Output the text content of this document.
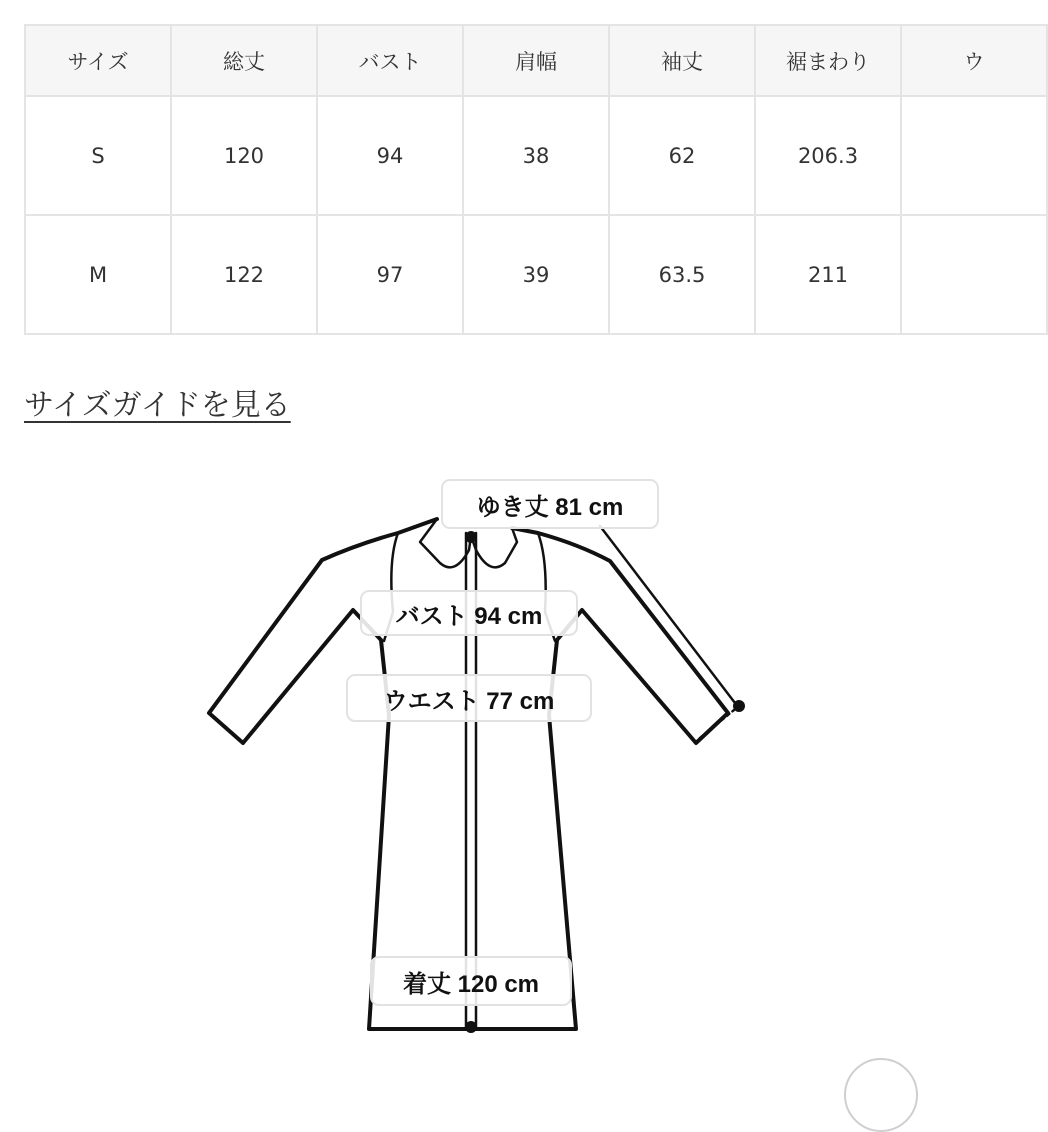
サイズ	総丈	バスト	肩幅	袖丈	裾まわり	ウ
S	120	94	38	62	206.3	
M	122	97	39	63.5	211	
サイズガイドを見る
ゆき丈 81 cm
バスト 94 cm
ウエスト 77 cm
着丈 120 cm
